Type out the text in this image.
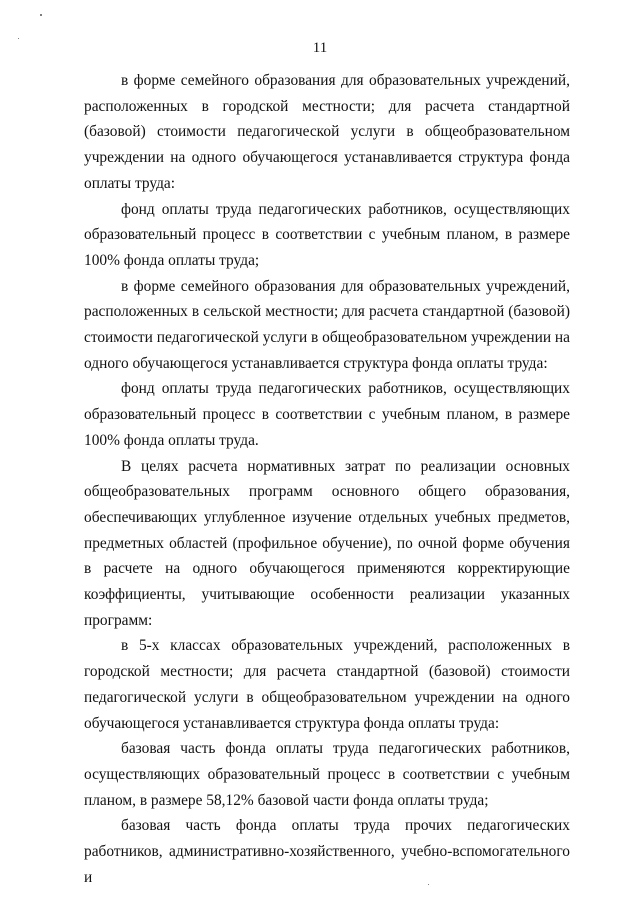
11

в форме семейного образования для образовательных учреждений, расположенных в городской местности; для расчета стандартной (базовой) стоимости педагогической услуги в общеобразовательном учреждении на одного обучающегося устанавливается структура фонда оплаты труда:

фонд оплаты труда педагогических работников, осуществляющих образовательный процесс в соответствии с учебным планом, в размере 100% фонда оплаты труда;

в форме семейного образования для образовательных учреждений, расположенных в сельской местности; для расчета стандартной (базовой) стоимости педагогической услуги в общеобразовательном учреждении на одного обучающегося устанавливается структура фонда оплаты труда:

фонд оплаты труда педагогических работников, осуществляющих образовательный процесс в соответствии с учебным планом, в размере 100% фонда оплаты труда.

В целях расчета нормативных затрат по реализации основных общеобразовательных программ основного общего образования, обеспечивающих углубленное изучение отдельных учебных предметов, предметных областей (профильное обучение), по очной форме обучения в расчете на одного обучающегося применяются корректирующие коэффициенты, учитывающие особенности реализации указанных программ:

в 5-х классах образовательных учреждений, расположенных в городской местности; для расчета стандартной (базовой) стоимости педагогической услуги в общеобразовательном учреждении на одного обучающегося устанавливается структура фонда оплаты труда:

базовая часть фонда оплаты труда педагогических работников, осуществляющих образовательный процесс в соответствии с учебным планом, в размере 58,12% базовой части фонда оплаты труда;

базовая часть фонда оплаты труда прочих педагогических работников, административно-хозяйственного, учебно-вспомогательного и
